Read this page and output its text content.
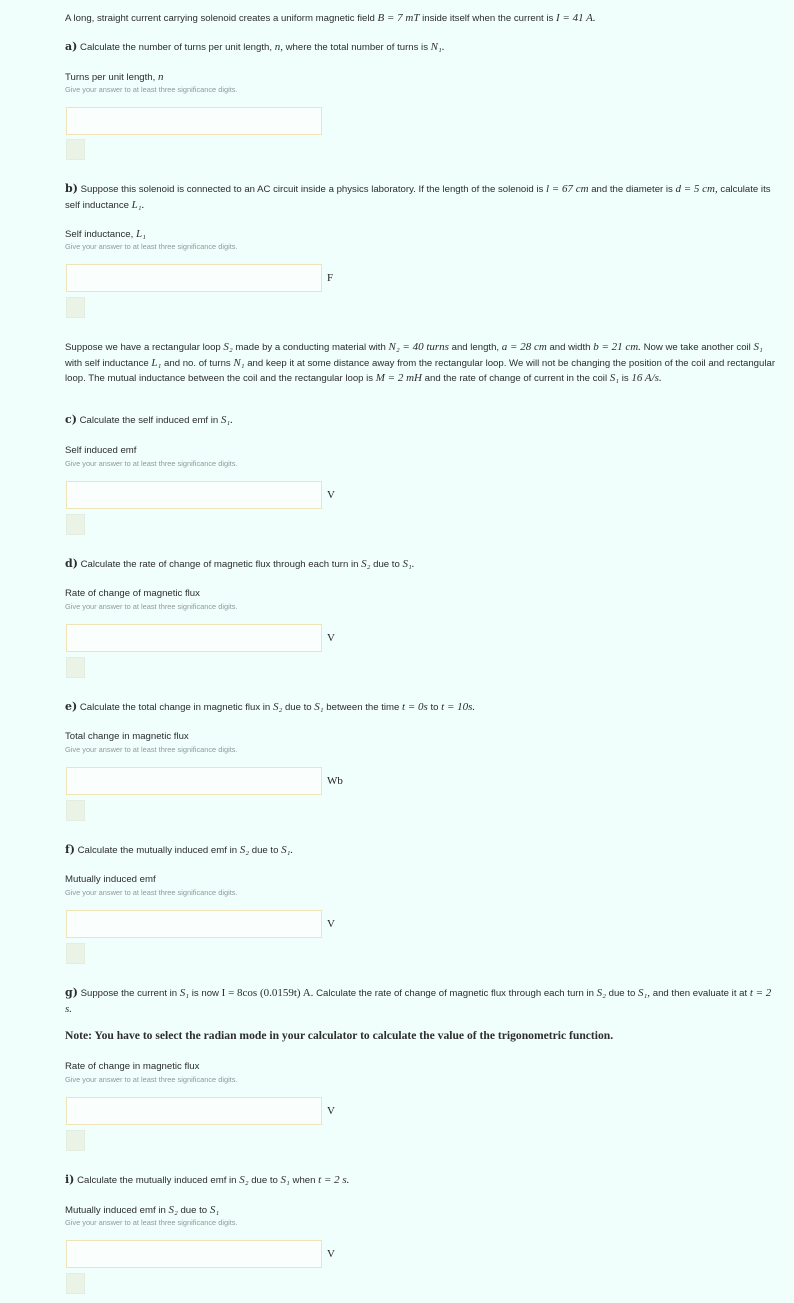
A long, straight current carrying solenoid creates a uniform magnetic field B = 7 mT inside itself when the current is I = 41 A.
a) Calculate the number of turns per unit length, n, where the total number of turns is N₁.
Turns per unit length, n
Give your answer to at least three significance digits.
b) Suppose this solenoid is connected to an AC circuit inside a physics laboratory. If the length of the solenoid is l = 67 cm and the diameter is d = 5 cm, calculate its self inductance L₁.
Self inductance, L₁
Give your answer to at least three significance digits.
F
Suppose we have a rectangular loop S₂ made by a conducting material with N₂ = 40 turns and length, a = 28 cm and width b = 21 cm. Now we take another coil S₁ with self inductance L₁ and no. of turns N₁ and keep it at some distance away from the rectangular loop. We will not be changing the position of the coil and rectangular loop. The mutual inductance between the coil and the rectangular loop is M = 2 mH and the rate of change of current in the coil S₁ is 16 A/s.
c) Calculate the self induced emf in S₁.
Self induced emf
Give your answer to at least three significance digits.
V
d) Calculate the rate of change of magnetic flux through each turn in S₂ due to S₁.
Rate of change of magnetic flux
Give your answer to at least three significance digits.
V
e) Calculate the total change in magnetic flux in S₂ due to S₁ between the time t = 0s to t = 10s.
Total change in magnetic flux
Give your answer to at least three significance digits.
Wb
f) Calculate the mutually induced emf in S₂ due to S₁.
Mutually induced emf
Give your answer to at least three significance digits.
V
g) Suppose the current in S₁ is now I = 8cos (0.0159t) A. Calculate the rate of change of magnetic flux through each turn in S₂ due to S₁, and then evaluate it at t = 2 s.
Note: You have to select the radian mode in your calculator to calculate the value of the trigonometric function.
Rate of change in magnetic flux
Give your answer to at least three significance digits.
V
i) Calculate the mutually induced emf in S₂ due to S₁ when t = 2 s.
Mutually induced emf in S₂ due to S₁
Give your answer to at least three significance digits.
V
